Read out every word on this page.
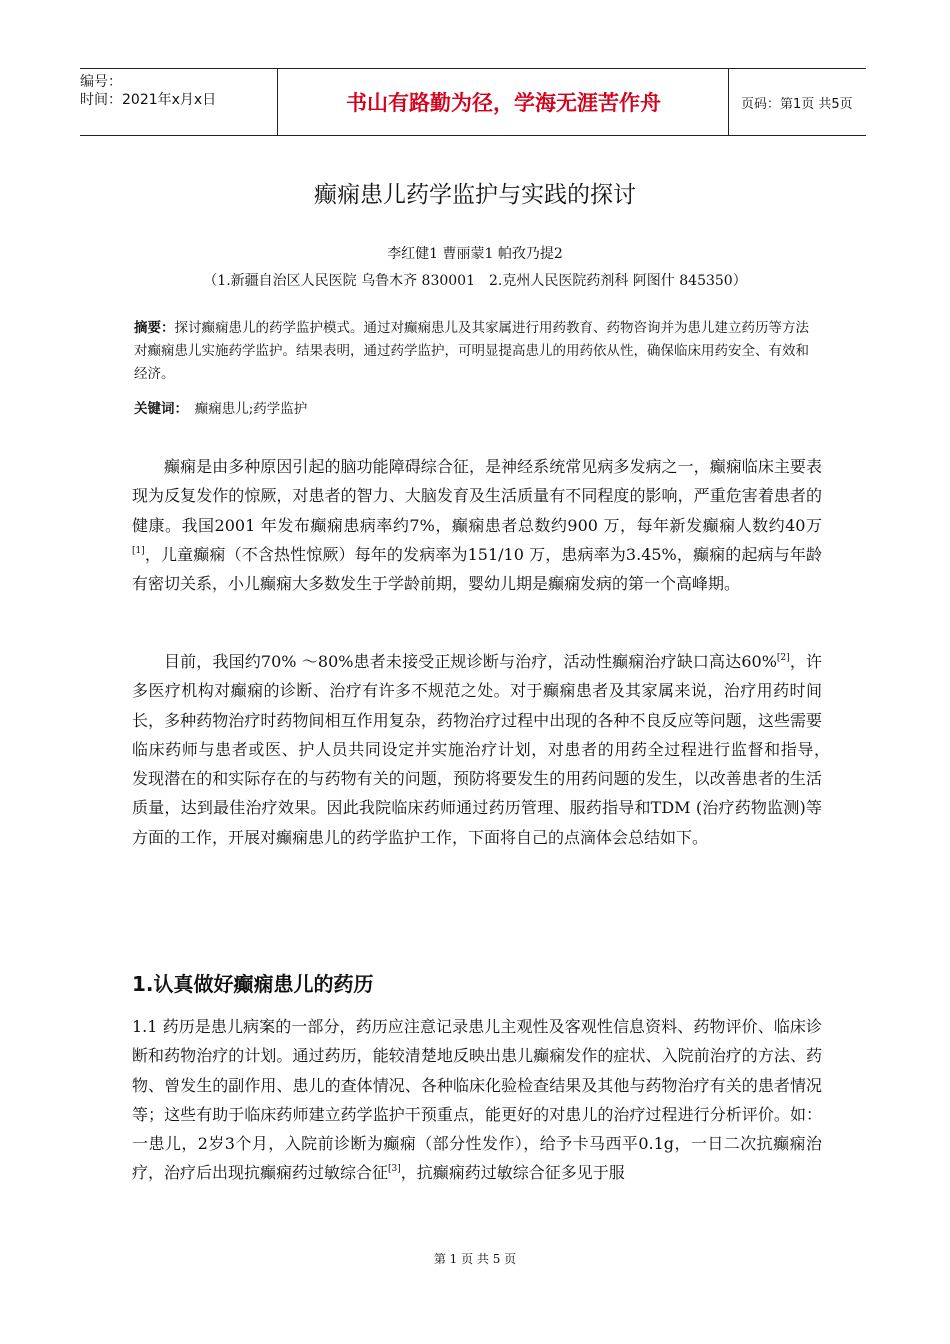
编号：
时间：2021年x月x日	书山有路勤为径，学海无涯苦作舟	页码：第1页 共5页
癫痫患儿药学监护与实践的探讨
李红健1 曹丽蒙1 帕孜乃提2
（1.新疆自治区人民医院 乌鲁木齐 830001　2.克州人民医院药剂科 阿图什 845350）
摘要：探讨癫痫患儿的药学监护模式。通过对癫痫患儿及其家属进行用药教育、药物咨询并为患儿建立药历等方法对癫痫患儿实施药学监护。结果表明，通过药学监护，可明显提高患儿的用药依从性，确保临床用药安全、有效和经济。
关键词：　癫痫患儿;药学监护
癫痫是由多种原因引起的脑功能障碍综合征，是神经系统常见病多发病之一，癫痫临床主要表现为反复发作的惊厥，对患者的智力、大脑发育及生活质量有不同程度的影响，严重危害着患者的健康。我国2001 年发布癫痫患病率约7%，癫痫患者总数约900 万，每年新发癫痫人数约40万[1]，儿童癫痫（不含热性惊厥）每年的发病率为151/10 万，患病率为3.45%，癫痫的起病与年龄有密切关系，小儿癫痫大多数发生于学龄前期，婴幼儿期是癫痫发病的第一个高峰期。
目前，我国约70% ～80%患者未接受正规诊断与治疗，活动性癫痫治疗缺口高达60%[2]，许多医疗机构对癫痫的诊断、治疗有许多不规范之处。对于癫痫患者及其家属来说，治疗用药时间长，多种药物治疗时药物间相互作用复杂，药物治疗过程中出现的各种不良反应等问题，这些需要临床药师与患者或医、护人员共同设定并实施治疗计划，对患者的用药全过程进行监督和指导，　发现潜在的和实际存在的与药物有关的问题，预防将要发生的用药问题的发生，以改善患者的生活质量，达到最佳治疗效果。因此我院临床药师通过药历管理、服药指导和TDM (治疗药物监测)等方面的工作，开展对癫痫患儿的药学监护工作，下面将自己的点滴体会总结如下。
1.认真做好癫痫患儿的药历
1.1 药历是患儿病案的一部分，药历应注意记录患儿主观性及客观性信息资料、药物评价、临床诊断和药物治疗的计划。通过药历，能较清楚地反映出患儿癫痫发作的症状、入院前治疗的方法、药物、曾发生的副作用、患儿的查体情况、各种临床化验检查结果及其他与药物治疗有关的患者情况等；这些有助于临床药师建立药学监护干预重点，能更好的对患儿的治疗过程进行分析评价。如：一患儿，2岁3个月，入院前诊断为癫痫（部分性发作），给予卡马西平0.1g，一日二次抗癫痫治疗，治疗后出现抗癫痫药过敏综合征[3]，抗癫痫药过敏综合征多见于服
第 1 页 共 5 页
